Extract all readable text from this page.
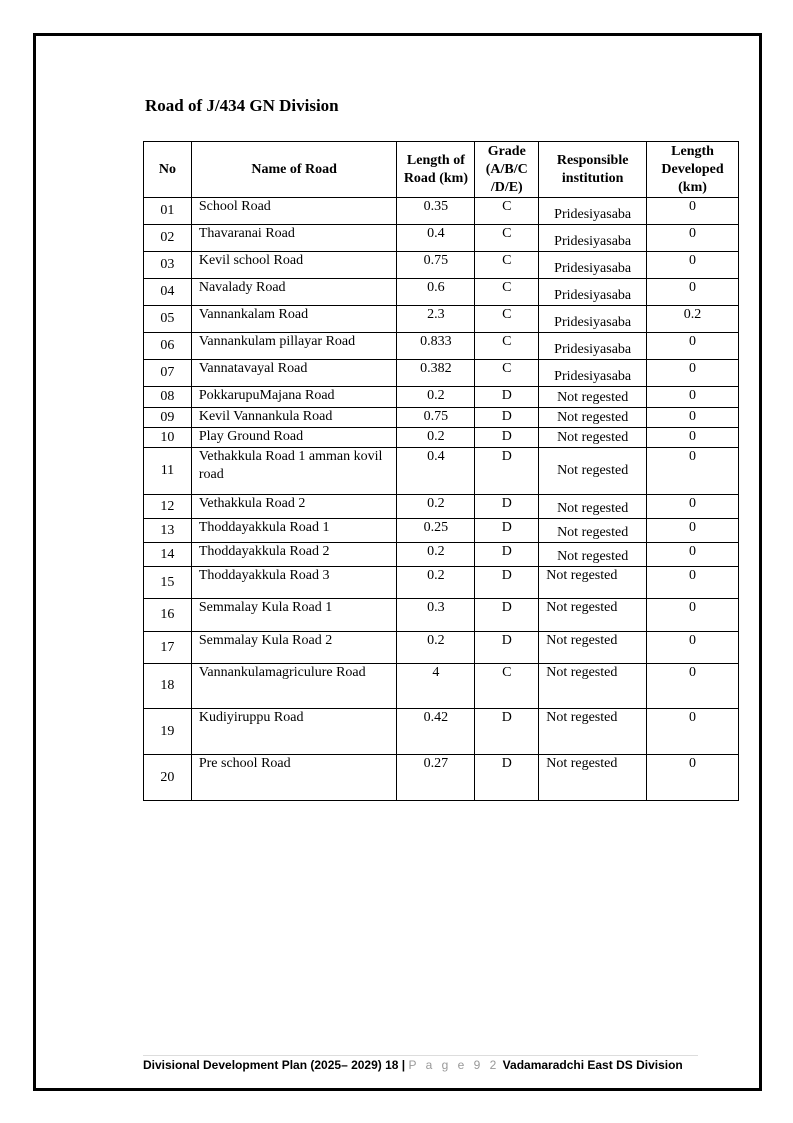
Road of J/434 GN Division
No	Name of Road	Length of Road (km)	Grade (A/B/C /D/E)	Responsible institution	Length Developed (km)
01	School Road	0.35	C	Pridesiyasaba	0
02	Thavaranai Road	0.4	C	Pridesiyasaba	0
03	Kevil school Road	0.75	C	Pridesiyasaba	0
04	Navalady Road	0.6	C	Pridesiyasaba	0
05	Vannankalam Road	2.3	C	Pridesiyasaba	0.2
06	Vannankulam pillayar Road	0.833	C	Pridesiyasaba	0
07	Vannatavayal Road	0.382	C	Pridesiyasaba	0
08	PokkarupuMajana Road	0.2	D	Not regested	0
09	Kevil Vannankula Road	0.75	D	Not regested	0
10	Play Ground Road	0.2	D	Not regested	0
11	Vethakkula Road 1 amman kovil road	0.4	D	Not regested	0
12	Vethakkula Road 2	0.2	D	Not regested	0
13	Thoddayakkula Road 1	0.25	D	Not regested	0
14	Thoddayakkula Road 2	0.2	D	Not regested	0
15	Thoddayakkula Road 3	0.2	D	Not regested	0
16	Semmalay Kula Road 1	0.3	D	Not regested	0
17	Semmalay Kula Road 2	0.2	D	Not regested	0
18	Vannankulamagriculure Road	4	C	Not regested	0
19	Kudiyiruppu Road	0.42	D	Not regested	0
20	Pre school Road	0.27	D	Not regested	0
Divisional Development Plan (2025– 2029) 18 | P a g e 9 2 Vadamaradchi East DS Division
